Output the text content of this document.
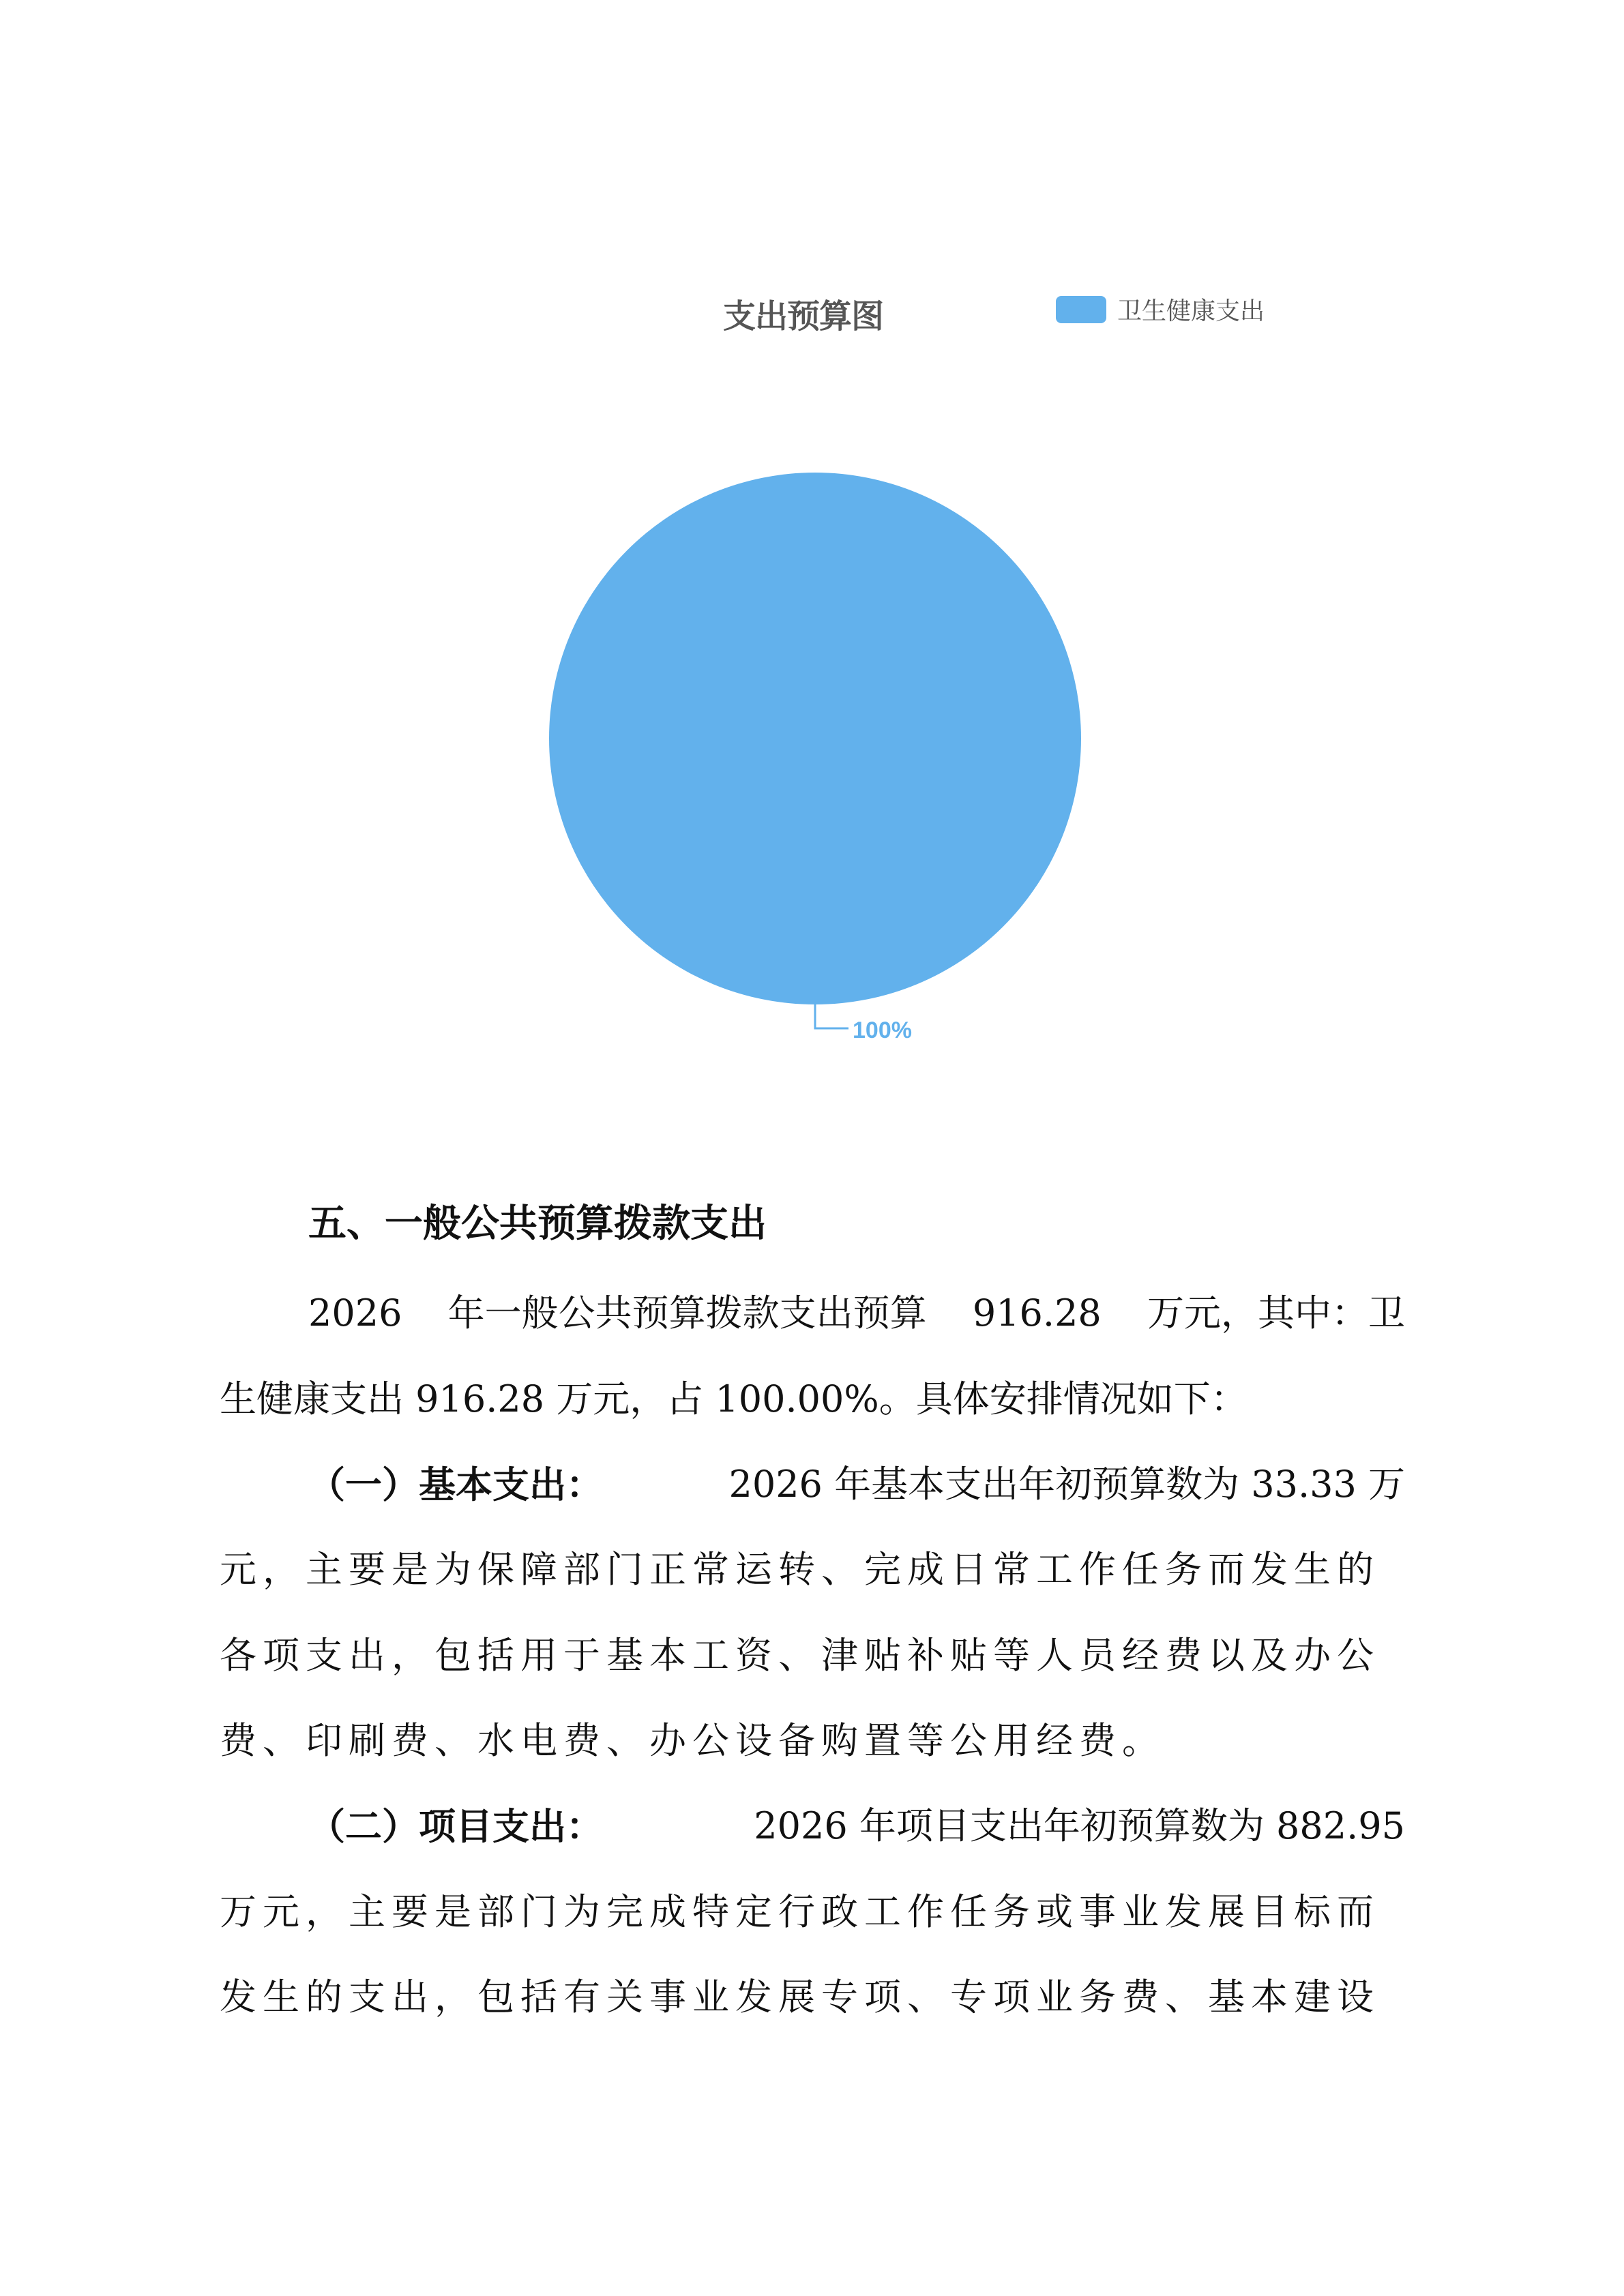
支出预算图	卫生健康支出
100%
五、一般公共预算拨款支出
2026 年一般公共预算拨款支出预算 916.28 万元，其中：卫
生健康支出 916.28 万元，占 100.00%。具体安排情况如下：
（一）基本支出：	2026 年基本支出年初预算数为 33.33 万
元，主要是为保障部门正常运转、完成日常工作任务而发生的
各项支出，包括用于基本工资、津贴补贴等人员经费以及办公
费、印刷费、水电费、办公设备购置等公用经费。
（二）项目支出：	2026 年项目支出年初预算数为 882.95
万元，主要是部门为完成特定行政工作任务或事业发展目标而
发生的支出，包括有关事业发展专项、专项业务费、基本建设
